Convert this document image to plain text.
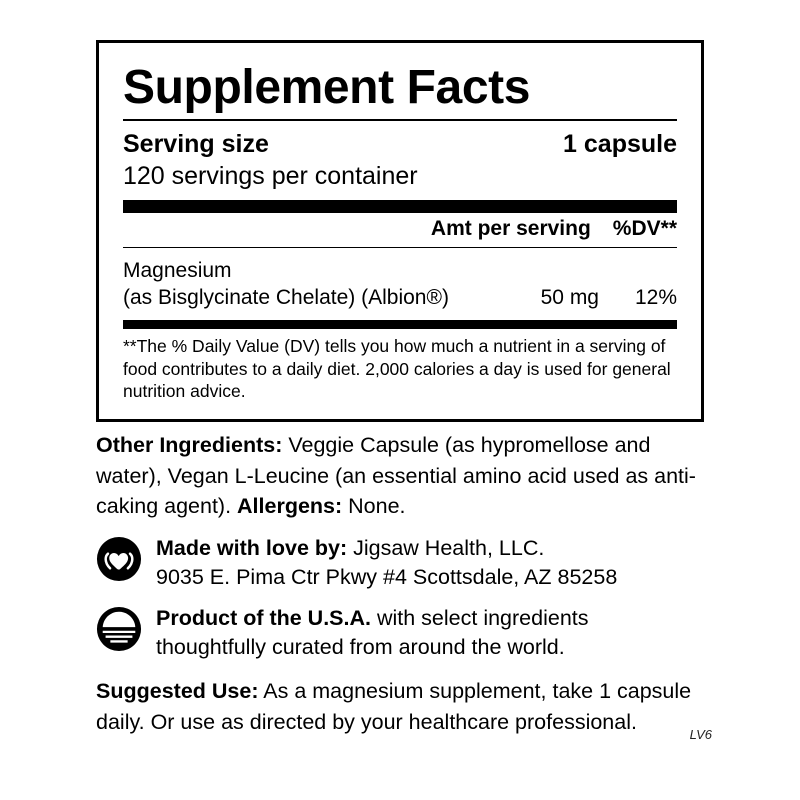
Supplement Facts
Serving size	1 capsule
120 servings per container
Amt per serving %DV**
Magnesium
(as Bisglycinate Chelate) (Albion®)	50 mg	12%
**The % Daily Value (DV) tells you how much a nutrient in a serving of food contributes to a daily diet. 2,000 calories a day is used for general nutrition advice.

Other Ingredients: Veggie Capsule (as hypromellose and water), Vegan L-Leucine (an essential amino acid used as anti-caking agent). Allergens: None.

Made with love by: Jigsaw Health, LLC.
9035 E. Pima Ctr Pkwy #4 Scottsdale, AZ 85258
Product of the U.S.A. with select ingredients
thoughtfully curated from around the world.

Suggested Use: As a magnesium supplement, take 1 capsule daily. Or use as directed by your healthcare professional.

LV6
